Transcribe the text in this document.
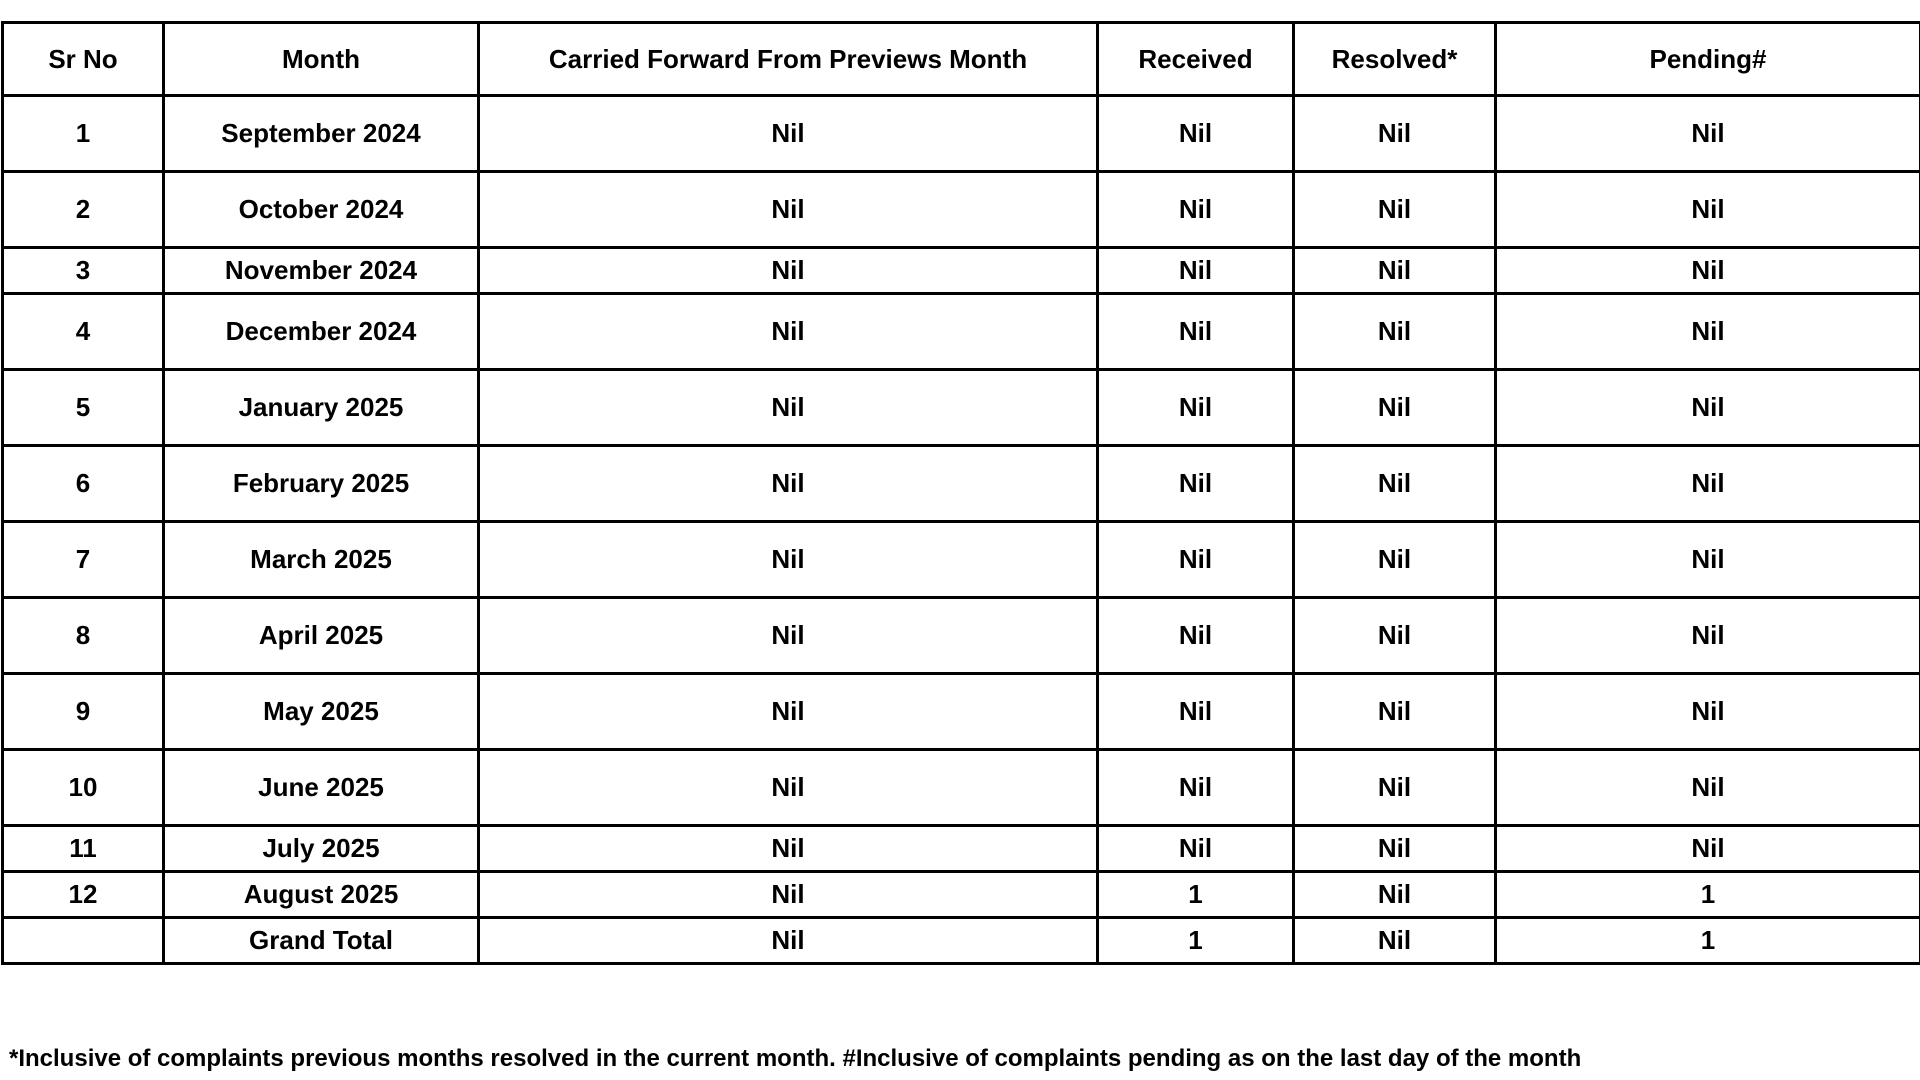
Sr No	Month	Carried Forward From Previews Month	Received	Resolved*	Pending#
1	September 2024	Nil	Nil	Nil	Nil
2	October 2024	Nil	Nil	Nil	Nil
3	November 2024	Nil	Nil	Nil	Nil
4	December 2024	Nil	Nil	Nil	Nil
5	January 2025	Nil	Nil	Nil	Nil
6	February 2025	Nil	Nil	Nil	Nil
7	March 2025	Nil	Nil	Nil	Nil
8	April 2025	Nil	Nil	Nil	Nil
9	May 2025	Nil	Nil	Nil	Nil
10	June 2025	Nil	Nil	Nil	Nil
11	July 2025	Nil	Nil	Nil	Nil
12	August 2025	Nil	1	Nil	1
	Grand Total	Nil	1	Nil	1
*Inclusive of complaints previous months resolved in the current month. #Inclusive of complaints pending as on the last day of the month
